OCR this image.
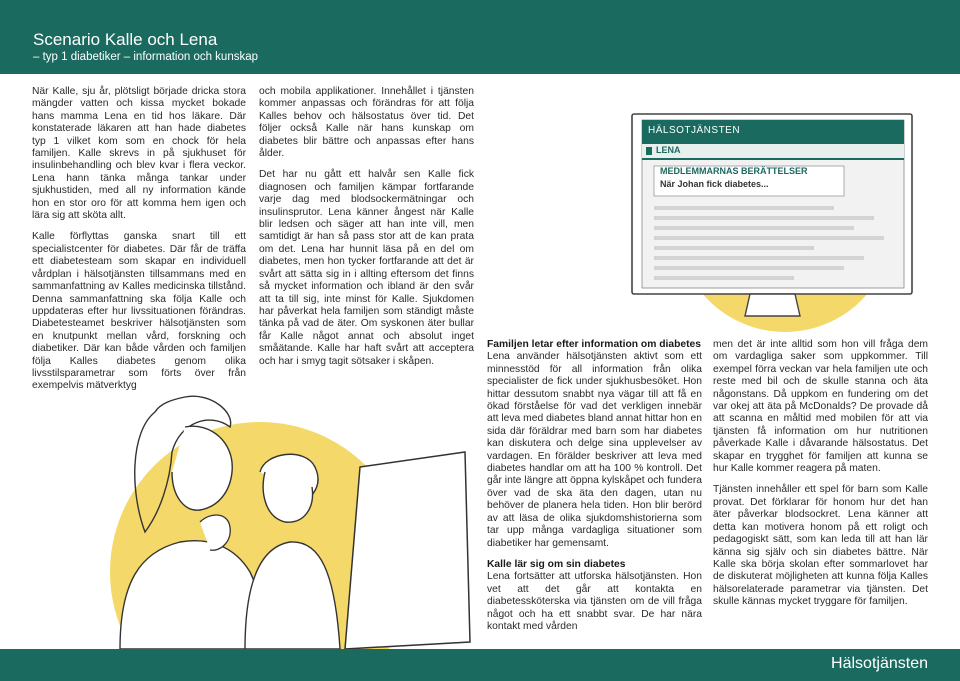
Scenario Kalle och Lena
– typ 1 diabetiker – information och kunskap
HÄLSOTJÄNSTEN
LENA
MEDLEMMARNAS BERÄTTELSER
När Johan fick diabetes...

När Kalle, sju år, plötsligt började dricka stora mängder vatten och kissa mycket bokade hans mamma Lena en tid hos läkare. Där konstaterade läkaren att han hade diabetes typ 1 vilket kom som en chock för hela familjen. Kalle skrevs in på sjukhuset för insulinbehandling och blev kvar i flera veckor. Lena hann tänka många tankar under sjukhustiden, med all ny information kände hon en stor oro för att komma hem igen och lära sig att sköta allt.

Kalle förflyttas ganska snart till ett specialistcenter för diabetes. Där får de träffa ett diabetesteam som skapar en individuell vårdplan i hälsotjänsten tillsammans med en sammanfattning av Kalles medicinska tillstånd. Denna sammanfattning ska följa Kalle och uppdateras efter hur livssituationen förändras. Diabetesteamet beskriver hälsotjänsten som en knutpunkt mellan vård, forskning och diabetiker. Där kan både vården och familjen följa Kalles diabetes genom olika livsstilsparametrar som förts över från exempelvis mätverktyg

och mobila applikationer. Innehållet i tjänsten kommer anpassas och förändras för att följa Kalles behov och hälsostatus över tid. Det följer också Kalle när hans kunskap om diabetes blir bättre och anpassas efter hans ålder.

Det har nu gått ett halvår sen Kalle fick diagnosen och familjen kämpar fortfarande varje dag med blodsockermätningar och insulinsprutor. Lena känner ångest när Kalle blir ledsen och säger att han inte vill, men samtidigt är han så pass stor att de kan prata om det. Lena har hunnit läsa på en del om diabetes, men hon tycker fortfarande att det är svårt att sätta sig in i allting eftersom det finns så mycket information och ibland är den svår att ta till sig, inte minst för Kalle. Sjukdomen har påverkat hela familjen som ständigt måste tänka på vad de äter. Om syskonen äter bullar får Kalle något annat och absolut inget småätande. Kalle har haft svårt att acceptera och har i smyg tagit sötsaker i skåpen.

Familjen letar efter information om diabetes

Lena använder hälsotjänsten aktivt som ett minnesstöd för all information från olika specialister de fick under sjukhusbesöket. Hon hittar dessutom snabbt nya vägar till att få en ökad förståelse för vad det verkligen innebär att leva med diabetes bland annat hittar hon en sida där föräldrar med barn som har diabetes kan diskutera och delge sina upplevelser av vardagen. En förälder beskriver att leva med diabetes handlar om att ha 100 % kontroll. Det går inte längre att öppna kylskåpet och fundera över vad de ska äta den dagen, utan nu behöver de planera hela tiden. Hon blir berörd av att läsa de olika sjukdomshistorierna som tar upp många vardagliga situationer som diabetiker har gemensamt.

Kalle lär sig om sin diabetes

Lena fortsätter att utforska hälsotjänsten. Hon vet att det går att kontakta en diabetessköterska via tjänsten om de vill fråga något och ha ett snabbt svar. De har nära kontakt med vården

men det är inte alltid som hon vill fråga dem om vardagliga saker som uppkommer. Till exempel förra veckan var hela familjen ute och reste med bil och de skulle stanna och äta någonstans. Då uppkom en fundering om det var okej att äta på McDonalds? De provade då att scanna en måltid med mobilen för att via tjänsten få information om hur nutritionen påverkade Kalle i dåvarande hälsostatus. Det skapar en trygghet för familjen att kunna se hur Kalle kommer reagera på maten.

Tjänsten innehåller ett spel för barn som Kalle provat. Det förklarar för honom hur det han äter påverkar blodsockret. Lena känner att detta kan motivera honom på ett roligt och pedagogiskt sätt, som kan leda till att han lär känna sig själv och sin diabetes bättre. När Kalle ska börja skolan efter sommarlovet har de diskuterat möjligheten att kunna följa Kalles hälsorelaterade parametrar via tjänsten. Det skulle kännas mycket tryggare för familjen.

Hälsotjänsten
